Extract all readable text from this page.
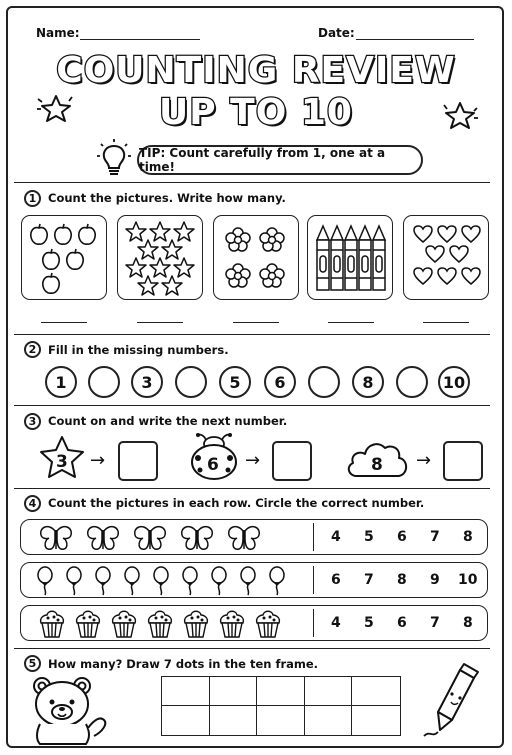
Name:	Date:
COUNTING REVIEW
UP TO 10
TIP: Count carefully from 1, one at a time!
1	Count the pictures. Write how many.
2	Fill in the missing numbers.
1	3	5	6	8	10
3	Count on and write the next number.
3 →	6 →	8 →
4	Count the pictures in each row. Circle the correct number.
4 5 6 7 8
6 7 8 9 10
4 5 6 7 8
5	How many? Draw 7 dots in the ten frame.
